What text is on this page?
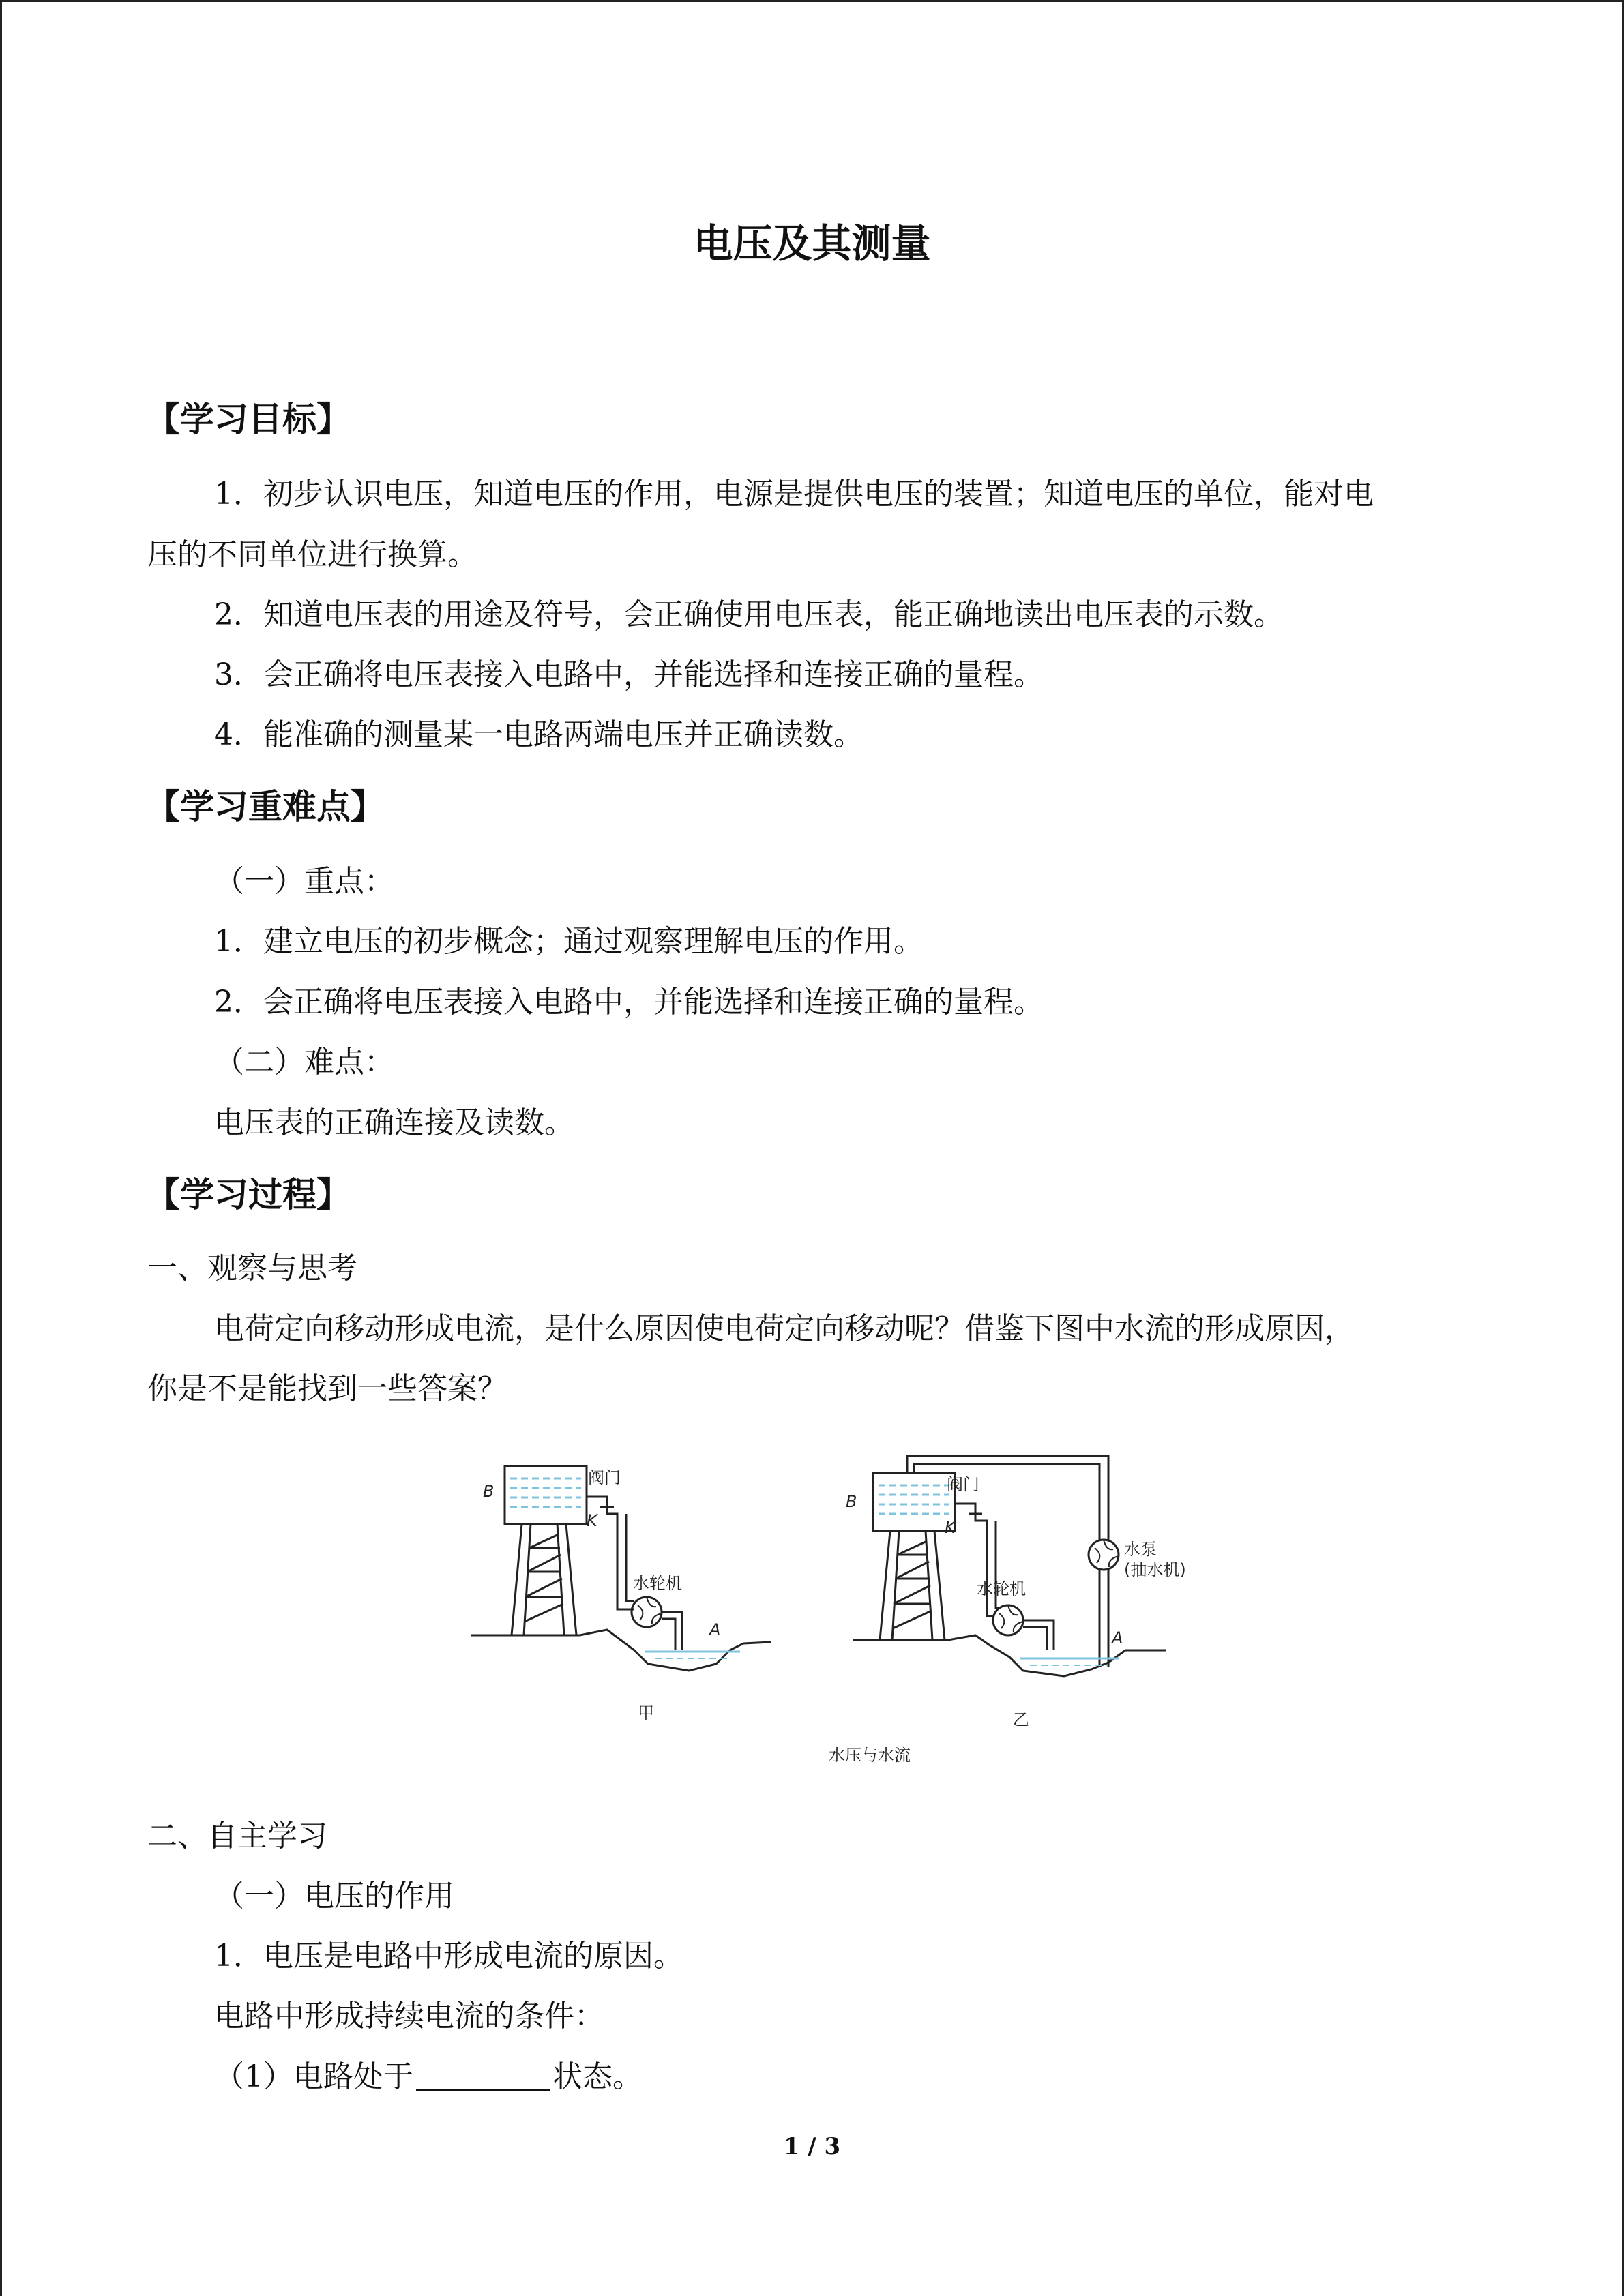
电压及其测量
【学习目标】
1．初步认识电压，知道电压的作用，电源是提供电压的装置；知道电压的单位，能对电
压的不同单位进行换算。
2．知道电压表的用途及符号，会正确使用电压表，能正确地读出电压表的示数。
3．会正确将电压表接入电路中，并能选择和连接正确的量程。
4．能准确的测量某一电路两端电压并正确读数。
【学习重难点】
（一）重点：
1．建立电压的初步概念；通过观察理解电压的作用。
2．会正确将电压表接入电路中，并能选择和连接正确的量程。
（二）难点：
电压表的正确连接及读数。
【学习过程】
一、观察与思考
电荷定向移动形成电流，是什么原因使电荷定向移动呢？借鉴下图中水流的形成原因，
你是不是能找到一些答案？
B
阀门
K
水轮机
A
甲
B
阀门
K
水轮机
水泵
(抽水机)
A
乙
水压与水流
二、自主学习
（一）电压的作用
1．电压是电路中形成电流的原因。
电路中形成持续电流的条件：
（1）电路处于	状态。
1 / 3
